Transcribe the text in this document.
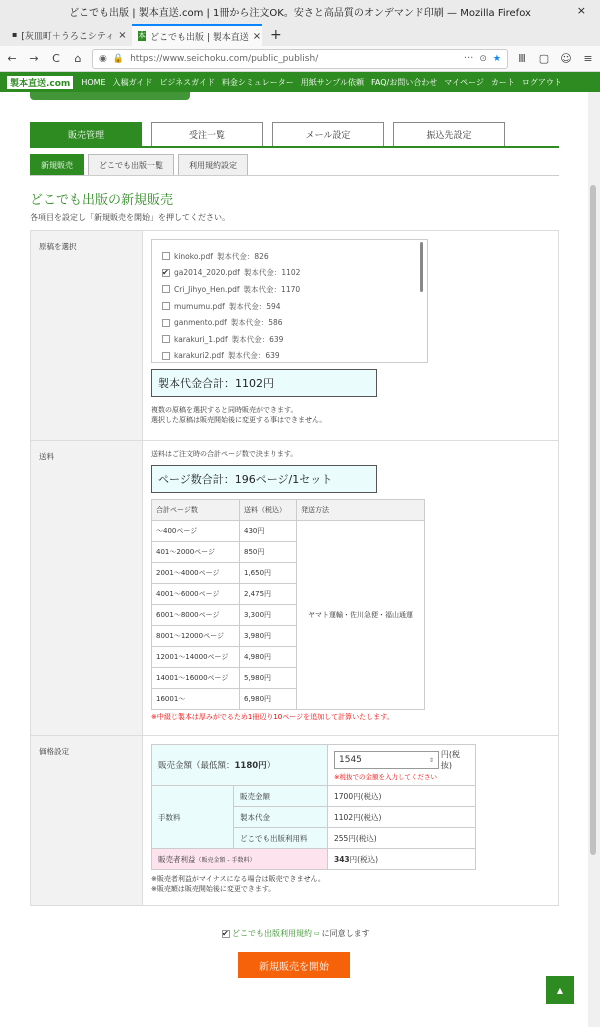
どこでも出版 | 製本直送.com | 1冊から注文OK。安さと高品質のオンデマンド印刷 — Mozilla Firefox	×
▪ [灰皿町＋うろこシティ × 本 どこでも出版 | 製本直送 × +
←	→	C	⌂	◉ 🔒 https://www.seichoku.com/public_publish/	··· ⊙ ★	Ⅲ	▢ ☺	≡
製本直送.com	HOME 入稿ガイド ビジネスガイド 料金シミュレーター 用紙サンプル依頼 FAQ/お問い合わせ マイページ カート ログアウト
販売管理	受注一覧	メール設定	振込先設定
新規販売	どこでも出版一覧	利用規約設定
どこでも出版の新規販売
各項目を設定し「新規販売を開始」を押してください。
原稿を選択	
kinoko.pdf 製本代金：826
✔
ga2014_2020.pdf 製本代金：1102
Cri_Jihyo_Hen.pdf 製本代金：1170
mumumu.pdf 製本代金：594
ganmento.pdf 製本代金：586
karakuri_1.pdf 製本代金：639
karakuri2.pdf 製本代金：639
製本代金合計：1102円
複数の原稿を選択すると同時販売ができます。
選択した原稿は販売開始後に変更する事はできません。

送料	送料はご注文時の合計ページ数で決まります。
ページ数合計：196ページ/1セット
合計ページ数	送料（税込）	発送方法
〜400ページ	430円	ヤマト運輸・佐川急便・福山通運
401〜2000ページ	850円
2001〜4000ページ	1,650円
4001〜6000ページ	2,475円
6001〜8000ページ	3,300円
8001〜12000ページ	3,980円
12001〜14000ページ	4,980円
14001〜16000ページ	5,980円
16001〜	6,980円
※中綴じ製本は厚みがでるため1冊辺り10ページを追加して計算いたします。

価格設定	
販売金額（最低額：1180円）	
1545	⇕
円(税抜)
※税抜での金額を入力してください

手数料	販売金額	1700円(税込)
製本代金	1102円(税込)
どこでも出版利用料	255円(税込)
販売者利益（販売金額 - 手数料）	343円(税込)
※販売者利益がマイナスになる場合は販売できません。
※販売額は販売開始後に変更できます。
✔
どこでも出版利用規約 ▭ に同意します
新規販売を開始
▲
